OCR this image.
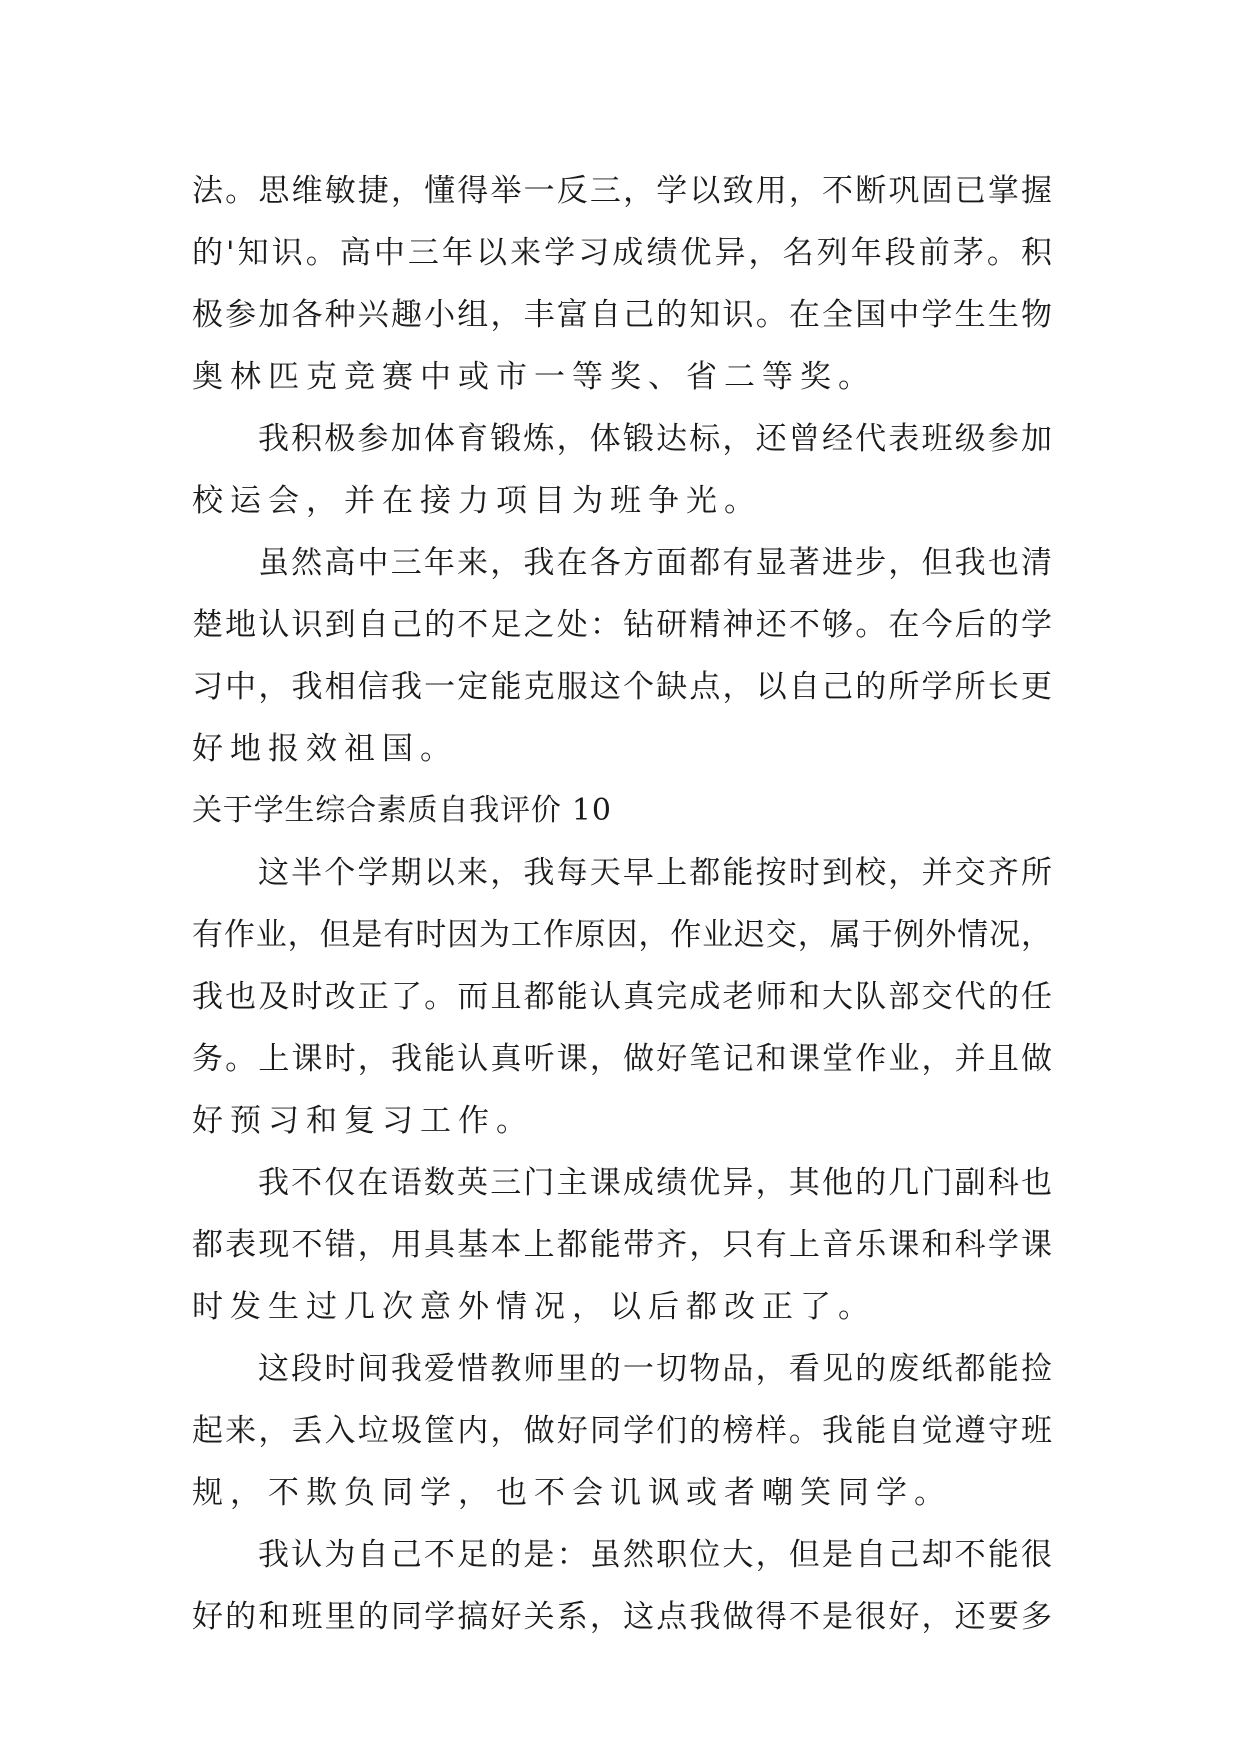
法。思维敏捷，懂得举一反三，学以致用，不断巩固已掌握
的'知识。高中三年以来学习成绩优异，名列年段前茅。积
极参加各种兴趣小组，丰富自己的知识。在全国中学生生物
奥林匹克竞赛中或市一等奖、省二等奖。
我积极参加体育锻炼，体锻达标，还曾经代表班级参加
校运会，并在接力项目为班争光。
虽然高中三年来，我在各方面都有显著进步，但我也清
楚地认识到自己的不足之处：钻研精神还不够。在今后的学
习中，我相信我一定能克服这个缺点，以自己的所学所长更
好地报效祖国。
关于学生综合素质自我评价 10
这半个学期以来，我每天早上都能按时到校，并交齐所
有作业，但是有时因为工作原因，作业迟交，属于例外情况，
我也及时改正了。而且都能认真完成老师和大队部交代的任
务。上课时，我能认真听课，做好笔记和课堂作业，并且做
好预习和复习工作。
我不仅在语数英三门主课成绩优异，其他的几门副科也
都表现不错，用具基本上都能带齐，只有上音乐课和科学课
时发生过几次意外情况，以后都改正了。
这段时间我爱惜教师里的一切物品，看见的废纸都能捡
起来，丢入垃圾筐内，做好同学们的榜样。我能自觉遵守班
规，不欺负同学，也不会讥讽或者嘲笑同学。
我认为自己不足的是：虽然职位大，但是自己却不能很
好的和班里的同学搞好关系，这点我做得不是很好，还要多
